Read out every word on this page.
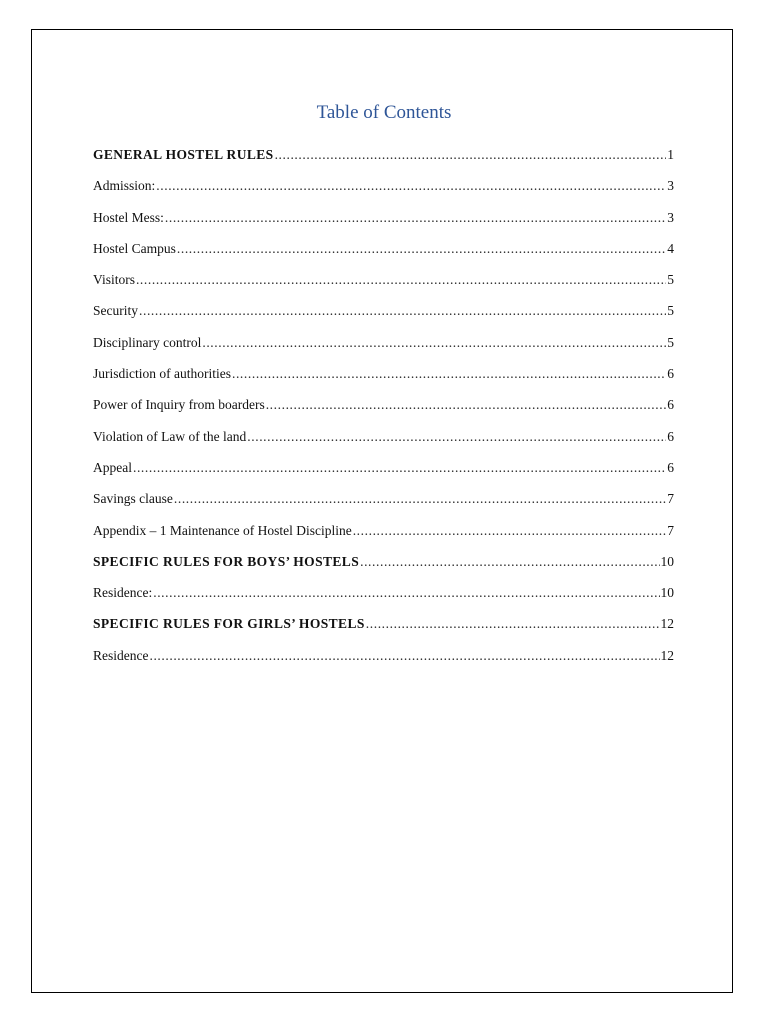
Table of Contents
GENERAL HOSTEL RULES .....	1
Admission: .....	3
Hostel Mess: .....	3
Hostel Campus .....	4
Visitors .....	5
Security .....	5
Disciplinary control .....	5
Jurisdiction of authorities .....	6
Power of Inquiry from boarders .....	6
Violation of Law of the land .....	6
Appeal .....	6
Savings clause .....	7
Appendix – 1 Maintenance of Hostel Discipline .....	7
SPECIFIC RULES FOR BOYS’ HOSTELS .....	10
Residence: .....	10
SPECIFIC RULES FOR GIRLS’ HOSTELS .....	12
Residence .....	12
